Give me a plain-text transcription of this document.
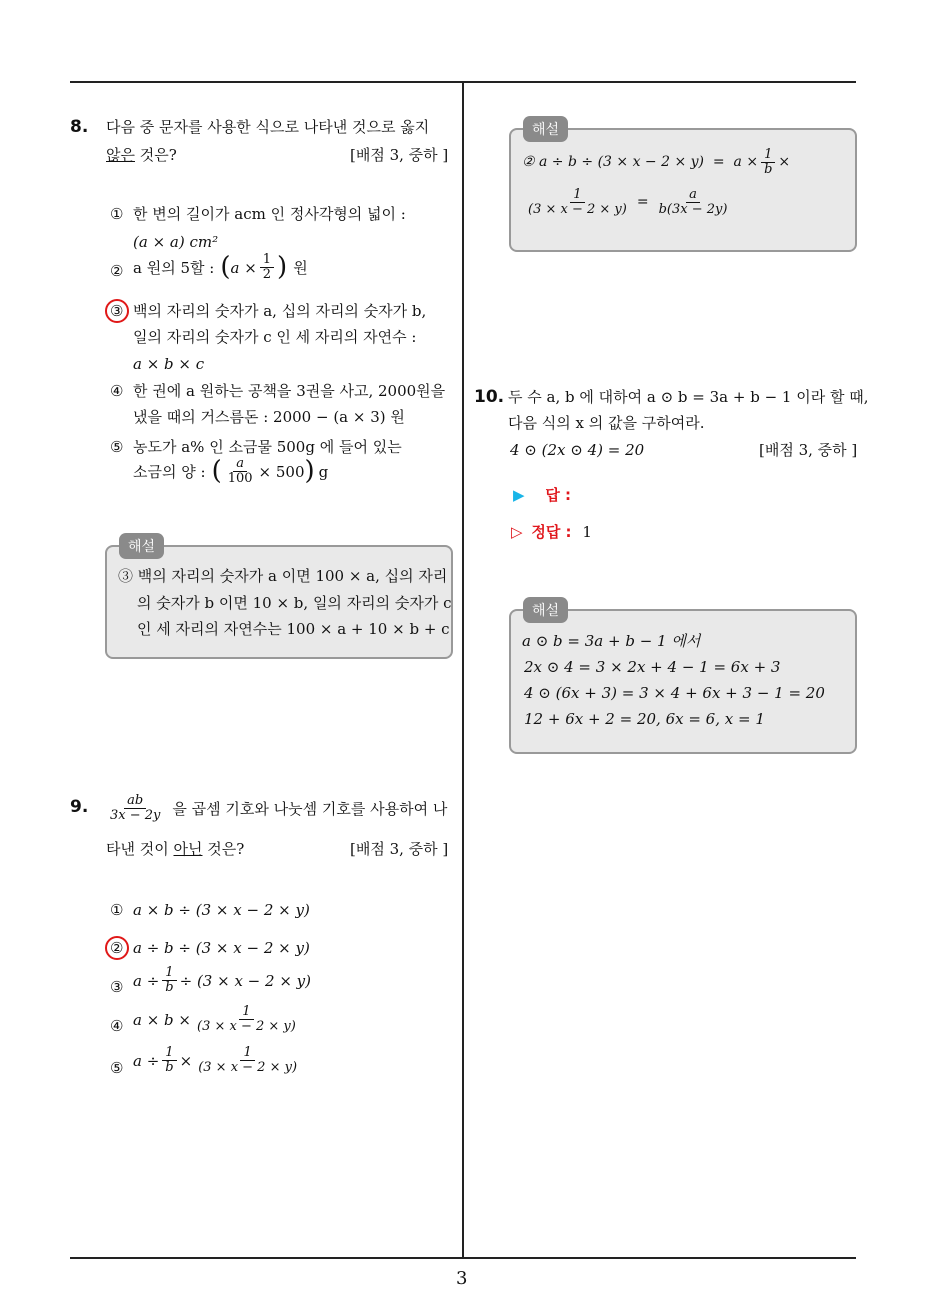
8. 다음 중 문자를 사용한 식으로 나타낸 것으로 옳지
않은 것은?	[배점 3, 중하 ]
① 한 변의 길이가 acm 인 정사각형의 넓이 :
(a × a) cm²
② a 원의 5할 : ( $a \times \frac{1}{2}$ ) 원
③ 백의 자리의 숫자가 a, 십의 자리의 숫자가 b,
일의 자리의 숫자가 c 인 세 자리의 자연수 :
a × b × c
④ 한 권에 a 원하는 공책을 3권을 사고, 2000원을
냈을 때의 거스름돈 : 2000 − (a × 3) 원
⑤ 농도가 a% 인 소금물 500g 에 들어 있는
소금의 양 : ( $\frac{a}{100} \times 500$ ) g
해설
③ 백의 자리의 숫자가 a 이면 100 × a, 십의 자리
의 숫자가 b 이면 10 × b, 일의 자리의 숫자가 c
인 세 자리의 자연수는 100 × a + 10 × b + c
9. $\frac{ab}{3x - 2y}$ 을 곱셈 기호와 나눗셈 기호를 사용하여 나
타낸 것이 아닌 것은?	[배점 3, 중하 ]
① a × b ÷ (3 × x − 2 × y)
② a ÷ b ÷ (3 × x − 2 × y)
③ $a \div \frac{1}{b} \div (3 \times x - 2 \times y)$
④ $a \times b \times \frac{1}{(3 \times x - 2 \times y)}$
⑤ $a \div \frac{1}{b} \times \frac{1}{(3 \times x - 2 \times y)}$
해설
② $a \div b \div (3 \times x - 2 \times y) = a \times \frac{1}{b}$ ×
$\frac{1}{(3 \times x - 2 \times y)} = \frac{a}{b(3x - 2y)}$
10. 두 수 a, b 에 대하여 a ⊙ b = 3a + b − 1 이라 할 때,
다음 식의 x 의 값을 구하여라.
4 ⊙ (2x ⊙ 4) = 20	[배점 3, 중하 ]
▶ 답 :
▷ 정답 : 1
해설
a ⊙ b = 3a + b − 1 에서
2x ⊙ 4 = 3 × 2x + 4 − 1 = 6x + 3
4 ⊙ (6x + 3) = 3 × 4 + 6x + 3 − 1 = 20
12 + 6x + 2 = 20, 6x = 6, x = 1
3
